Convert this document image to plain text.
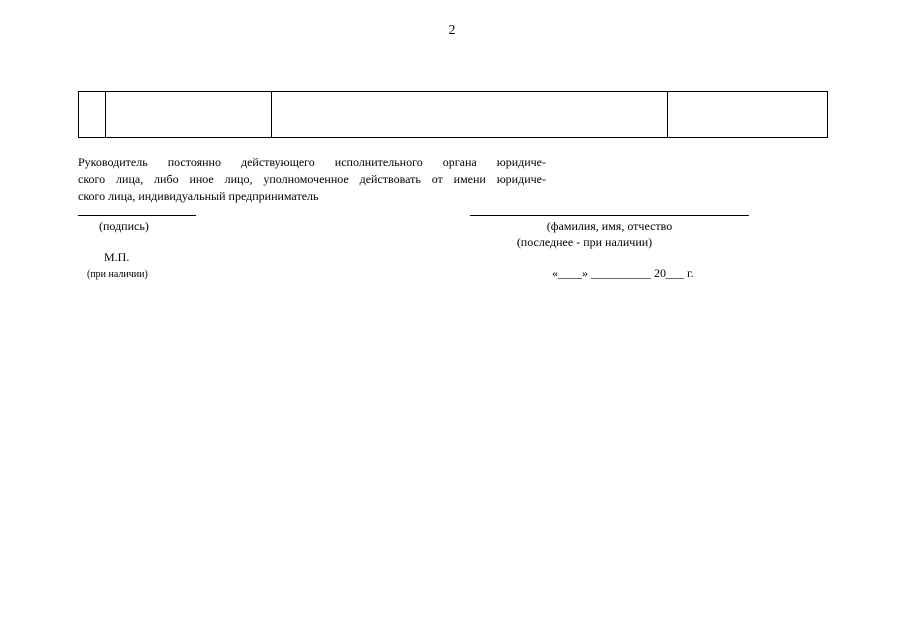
2

Руководитель постоянно действующего исполнительного органа юридиче-
ского лица, либо иное лицо, уполномоченное действовать от имени юридиче-
ского лица, индивидуальный предприниматель
(подпись)	(фамилия, имя, отчество
(последнее - при наличии)
М.П.
(при наличии)	«____» __________ 20___ г.
